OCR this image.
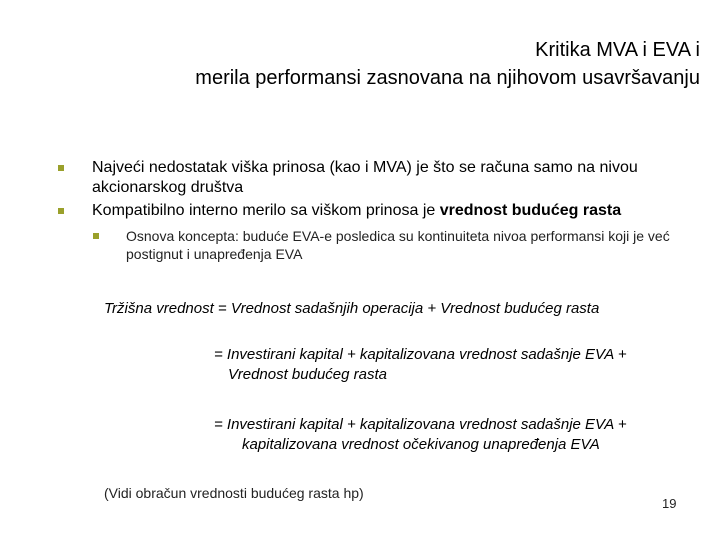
Kritika MVA i EVA i
merila performansi zasnovana na njihovom usavršavanju
Najveći nedostatak viška prinosa (kao i MVA) je što se računa samo na nivou akcionarskog društva
Kompatibilno interno merilo sa viškom prinosa je vrednost budućeg rasta
Osnova koncepta: buduće EVA-e posledica su kontinuiteta nivoa performansi koji je već postignut i unapređenja EVA
Tržišna vrednost = Vrednost sadašnjih operacija + Vrednost budućeg rasta
= Investirani kapital + kapitalizovana vrednost sadašnje EVA +
Vrednost budućeg rasta
= Investirani kapital + kapitalizovana vrednost sadašnje EVA +
kapitalizovana vrednost očekivanog unapređenja EVA
(Vidi obračun vrednosti budućeg rasta hp)
19
